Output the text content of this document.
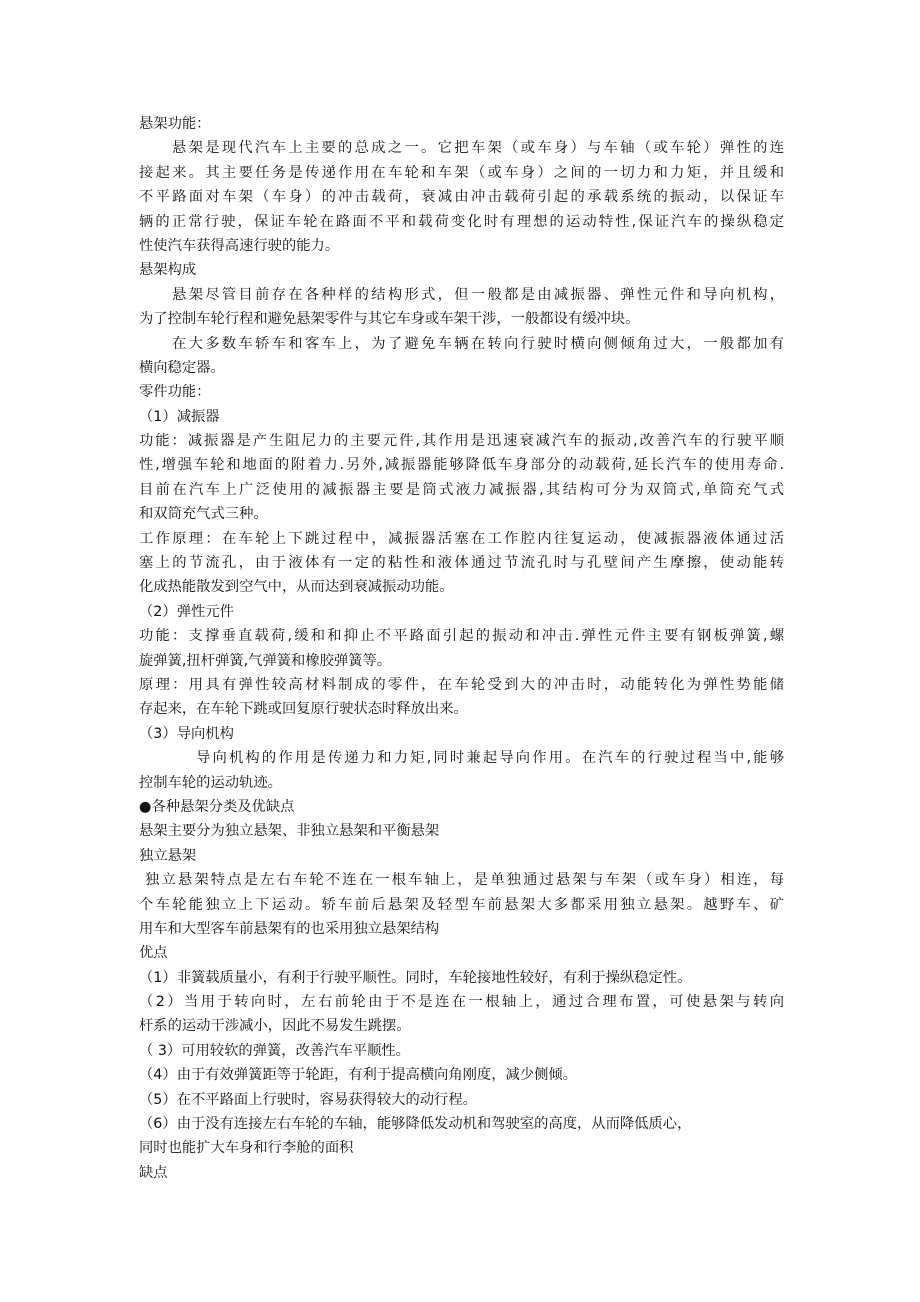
悬架功能：
悬架是现代汽车上主要的总成之一。它把车架（或车身）与车轴（或车轮）弹性的连
接起来。其主要任务是传递作用在车轮和车架（或车身）之间的一切力和力矩，并且缓和
不平路面对车架（车身）的冲击载荷，衰减由冲击载荷引起的承载系统的振动，以保证车
辆的正常行驶，保证车轮在路面不平和载荷变化时有理想的运动特性,保证汽车的操纵稳定
性使汽车获得高速行驶的能力。
悬架构成
悬架尽管目前存在各种样的结构形式，但一般都是由减振器、弹性元件和导向机构，
为了控制车轮行程和避免悬架零件与其它车身或车架干涉，一般都设有缓冲块。
在大多数车轿车和客车上，为了避免车辆在转向行驶时横向侧倾角过大，一般都加有
横向稳定器。
零件功能：
（1）减振器
功能：减振器是产生阻尼力的主要元件,其作用是迅速衰减汽车的振动,改善汽车的行驶平顺
性,增强车轮和地面的附着力.另外,减振器能够降低车身部分的动载荷,延长汽车的使用寿命.
目前在汽车上广泛使用的减振器主要是筒式液力减振器,其结构可分为双筒式,单筒充气式
和双筒充气式三种。
工作原理：在车轮上下跳过程中，减振器活塞在工作腔内往复运动，使减振器液体通过活
塞上的节流孔，由于液体有一定的粘性和液体通过节流孔时与孔壁间产生摩擦，使动能转
化成热能散发到空气中，从而达到衰减振动功能。
（2）弹性元件
功能：支撑垂直载荷,缓和和抑止不平路面引起的振动和冲击.弹性元件主要有钢板弹簧,螺
旋弹簧,扭杆弹簧,气弹簧和橡胶弹簧等。
原理：用具有弹性较高材料制成的零件，在车轮受到大的冲击时，动能转化为弹性势能储
存起来，在车轮下跳或回复原行驶状态时释放出来。
（3）导向机构
导向机构的作用是传递力和力矩,同时兼起导向作用。在汽车的行驶过程当中,能够
控制车轮的运动轨迹。
●各种悬架分类及优缺点
悬架主要分为独立悬架、非独立悬架和平衡悬架
独立悬架
独立悬架特点是左右车轮不连在一根车轴上，是单独通过悬架与车架（或车身）相连，每
个车轮能独立上下运动。轿车前后悬架及轻型车前悬架大多都采用独立悬架。越野车、矿
用车和大型客车前悬架有的也采用独立悬架结构
优点
（1）非簧载质量小，有利于行驶平顺性。同时，车轮接地性较好，有利于操纵稳定性。
（2）当用于转向时，左右前轮由于不是连在一根轴上，通过合理布置，可使悬架与转向
杆系的运动干涉减小，因此不易发生跳摆。
（ 3）可用较软的弹簧，改善汽车平顺性。
（4）由于有效弹簧距等于轮距，有利于提高横向角刚度，减少侧倾。
（5）在不平路面上行驶时，容易获得较大的动行程。
（6）由于没有连接左右车轮的车轴，能够降低发动机和驾驶室的高度，从而降低质心，
同时也能扩大车身和行李舱的面积
缺点
